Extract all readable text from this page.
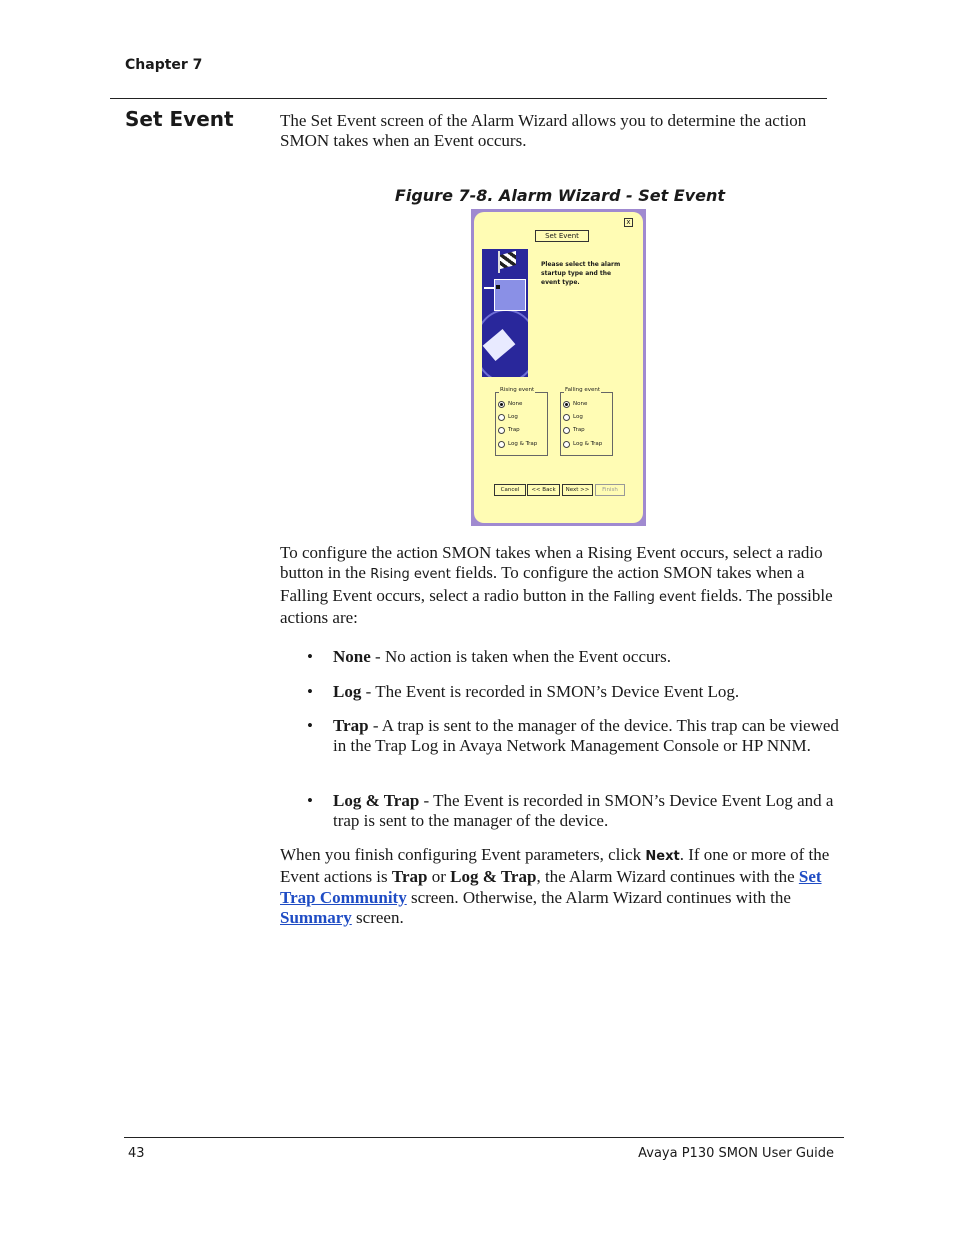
Chapter 7
Set Event	The Set Event screen of the Alarm Wizard allows you to determine the action SMON takes when an Event occurs.
Figure 7-8. Alarm Wizard - Set Event
x
Set Event
Please select the alarm startup type and the event type.
Rising event
None
Log
Trap
Log & Trap
Falling event
None
Log
Trap
Log & Trap
Cancel	<< Back	Next >>	Finish
To configure the action SMON takes when a Rising Event occurs, select a radio button in the Rising event fields. To configure the action SMON takes when a Falling Event occurs, select a radio button in the Falling event fields. The possible actions are:
• None - No action is taken when the Event occurs.
• Log - The Event is recorded in SMON’s Device Event Log.
• Trap - A trap is sent to the manager of the device. This trap can be viewed in the Trap Log in Avaya Network Management Console or HP NNM.
• Log & Trap - The Event is recorded in SMON’s Device Event Log and a trap is sent to the manager of the device.
When you finish configuring Event parameters, click Next. If one or more of the Event actions is Trap or Log & Trap, the Alarm Wizard continues with the Set Trap Community screen. Otherwise, the Alarm Wizard continues with the Summary screen.
43	Avaya P130 SMON User Guide
